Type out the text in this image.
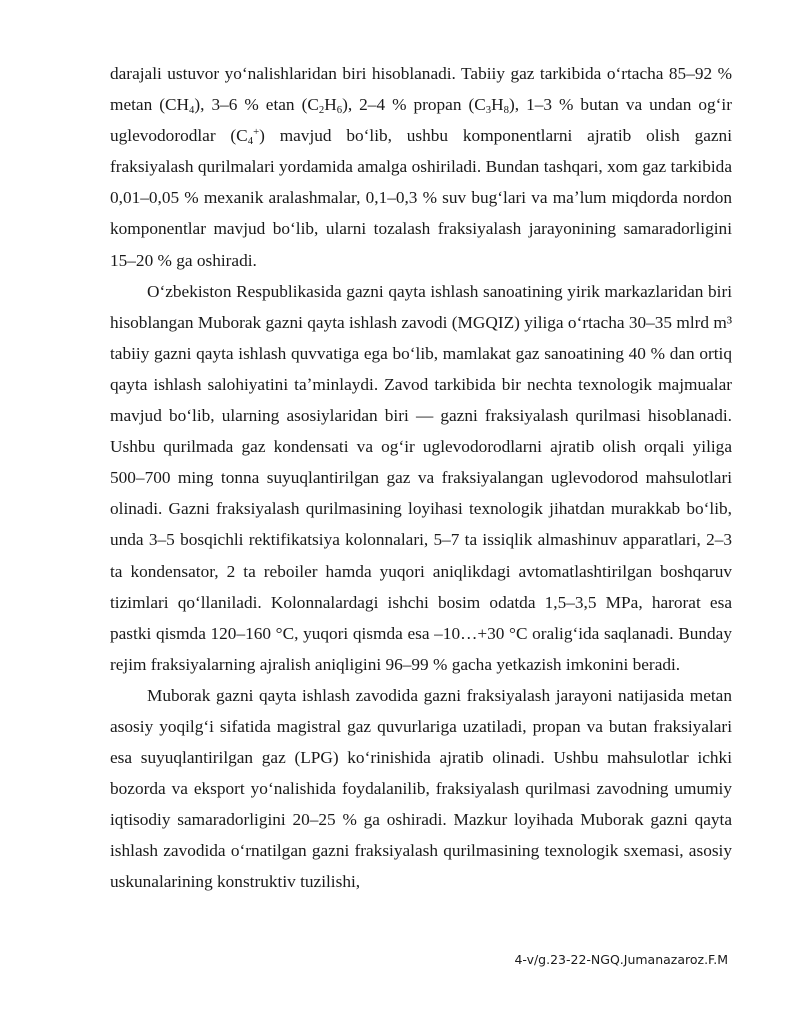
darajali ustuvor yoʻnalishlaridan biri hisoblanadi. Tabiiy gaz tarkibida oʻrtacha 85–92 % metan $(CH_4)$, 3–6 % etan $(C_2H_6)$, 2–4 % propan $(C_3H_8)$, 1–3 % butan va undan ogʻir uglevodorodlar $(C_4^+)$ mavjud boʻlib, ushbu komponentlarni ajratib olish gazni fraksiyalash qurilmalari yordamida amalga oshiriladi. Bundan tashqari, xom gaz tarkibida 0,01–0,05 % mexanik aralashmalar, 0,1–0,3 % suv bugʻlari va maʼlum miqdorda nordon komponentlar mavjud boʻlib, ularni tozalash fraksiyalash jarayonining samaradorligini 15–20 % ga oshiradi.

Oʻzbekiston Respublikasida gazni qayta ishlash sanoatining yirik markazlaridan biri hisoblangan Muborak gazni qayta ishlash zavodi (MGQIZ) yiliga oʻrtacha 30–35 mlrd m³ tabiiy gazni qayta ishlash quvvatiga ega boʻlib, mamlakat gaz sanoatining 40 % dan ortiq qayta ishlash salohiyatini taʼminlaydi. Zavod tarkibida bir nechta texnologik majmualar mavjud boʻlib, ularning asosiylaridan biri — gazni fraksiyalash qurilmasi hisoblanadi. Ushbu qurilmada gaz kondensati va ogʻir uglevodorodlarni ajratib olish orqali yiliga 500–700 ming tonna suyuqlantirilgan gaz va fraksiyalangan uglevodorod mahsulotlari olinadi. Gazni fraksiyalash qurilmasining loyihasi texnologik jihatdan murakkab boʻlib, unda 3–5 bosqichli rektifikatsiya kolonnalari, 5–7 ta issiqlik almashinuv apparatlari, 2–3 ta kondensator, 2 ta reboiler hamda yuqori aniqlikdagi avtomatlashtirilgan boshqaruv tizimlari qoʻllaniladi. Kolonnalardagi ishchi bosim odatda 1,5–3,5 MPa, harorat esa pastki qismda 120–160 °C, yuqori qismda esa –10…+30 °C oraligʻida saqlanadi. Bunday rejim fraksiyalarning ajralish aniqligini 96–99 % gacha yetkazish imkonini beradi.

Muborak gazni qayta ishlash zavodida gazni fraksiyalash jarayoni natijasida metan asosiy yoqilgʻi sifatida magistral gaz quvurlariga uzatiladi, propan va butan fraksiyalari esa suyuqlantirilgan gaz (LPG) koʻrinishida ajratib olinadi. Ushbu mahsulotlar ichki bozorda va eksport yoʻnalishida foydalanilib, fraksiyalash qurilmasi zavodning umumiy iqtisodiy samaradorligini 20–25 % ga oshiradi. Mazkur loyihada Muborak gazni qayta ishlash zavodida oʻrnatilgan gazni fraksiyalash qurilmasining texnologik sxemasi, asosiy uskunalarining konstruktiv tuzilishi,

4-v/g.23-22-NGQ.Jumanazaroz.F.M
